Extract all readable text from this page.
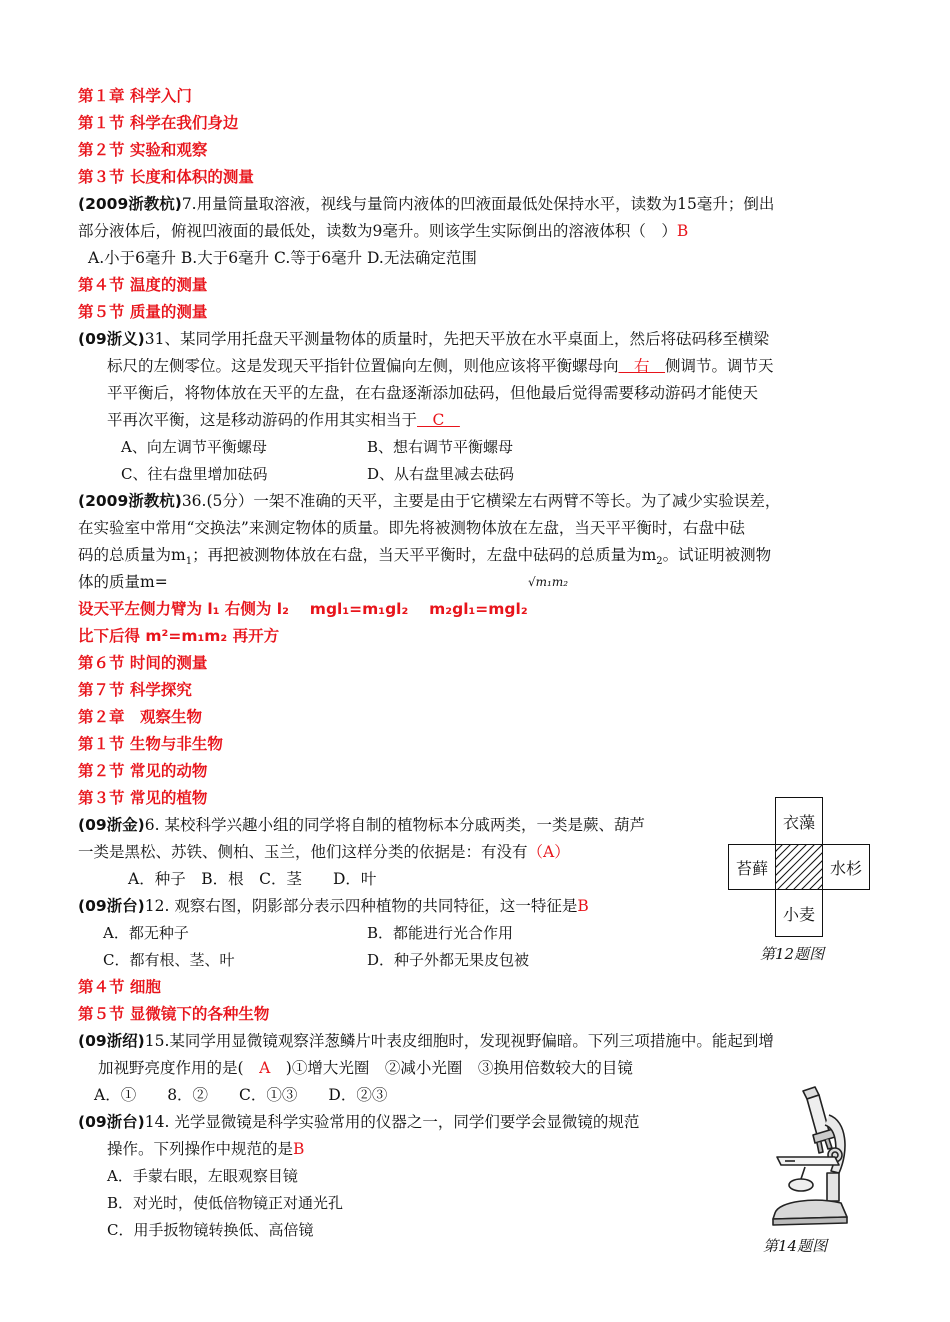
第１章 科学入门
第１节 科学在我们身边
第２节 实验和观察
第３节 长度和体积的测量
(2009浙教杭)7.用量筒量取溶液，视线与量筒内液体的凹液面最低处保持水平，读数为15毫升；倒出
部分液体后，俯视凹液面的最低处，读数为9毫升。则该学生实际倒出的溶液体积（　）B
A.小于6毫升 B.大于6毫升 C.等于6毫升 D.无法确定范围
第４节 温度的测量
第５节 质量的测量
(09浙义)31、某同学用托盘天平测量物体的质量时，先把天平放在水平桌面上，然后将砝码移至横梁
标尺的左侧零位。这是发现天平指针位置偏向左侧，则他应该将平衡螺母向　右　侧调节。调节天
平平衡后，将物体放在天平的左盘，在右盘逐渐添加砝码，但他最后觉得需要移动游码才能使天
平再次平衡，这是移动游码的作用其实相当于　C　
A、向左调节平衡螺母	B、想右调节平衡螺母
C、往右盘里增加砝码	D、从右盘里减去砝码
(2009浙教杭)36.(5分）一架不准确的天平，主要是由于它横梁左右两臂不等长。为了减少实验误差，
在实验室中常用“交换法”来测定物体的质量。即先将被测物体放在左盘，当天平平衡时，右盘中砝
码的总质量为$m_1$；再把被测物体放在右盘，当天平平衡时，左盘中砝码的总质量为$m_2$。试证明被测物
体的质量m=	√m₁m₂
设天平左侧力臂为 l₁ 右侧为 l₂　 mgl₁=m₁gl₂　 m₂gl₁=mgl₂
比下后得 m²=m₁m₂ 再开方
第６节 时间的测量
第７节 科学探究
第２章　观察生物
第１节 生物与非生物
第２节 常见的动物
第３节 常见的植物
(09浙金)6. 某校科学兴趣小组的同学将自制的植物标本分戚两类，一类是蕨、葫芦
一类是黑松、苏铁、侧柏、玉兰，他们这样分类的依据是：有没有（A）
A．种子　B．根　C．茎　　D．叶
(09浙台)12. 观察右图，阴影部分表示四种植物的共同特征，这一特征是B
A．都无种子	B．都能进行光合作用
C．都有根、茎、叶	D．种子外都无果皮包被
衣藻
苔藓	水杉
小麦
第12题图
第４节 细胞
第５节 显微镜下的各种生物
(09浙绍)15.某同学用显微镜观察洋葱鳞片叶表皮细胞时，发现视野偏暗。下列三项措施中。能起到增
加视野亮度作用的是(　A　)①增大光圈　②减小光圈　③换用倍数较大的目镜
A．①　　8．②　　C．①③　　D．②③
(09浙台)14. 光学显微镜是科学实验常用的仪器之一，同学们要学会显微镜的规范
操作。下列操作中规范的是B
A．手蒙右眼，左眼观察目镜
B．对光时，使低倍物镜正对通光孔
C．用手扳物镜转换低、高倍镜
第14题图
